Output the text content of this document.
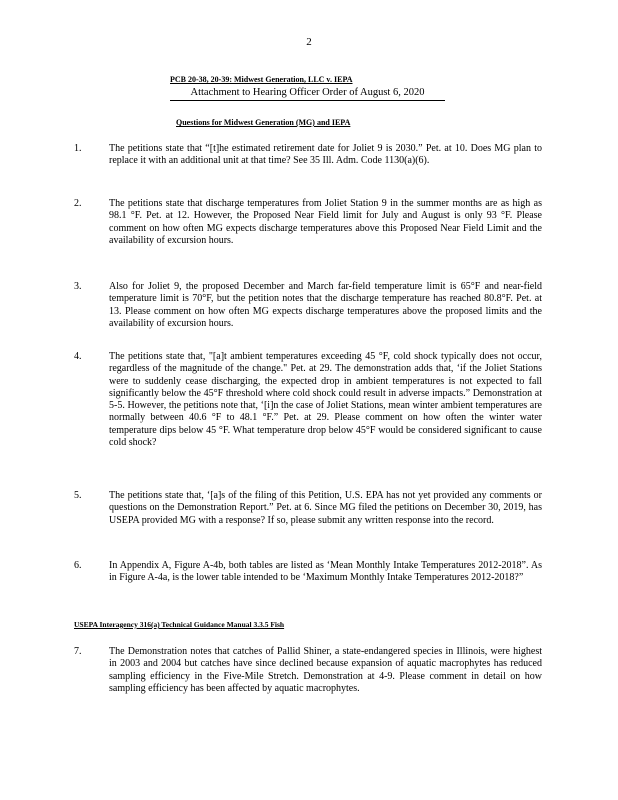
2
PCB 20-38, 20-39: Midwest Generation, LLC v. IEPA
Attachment to Hearing Officer Order of August 6, 2020
Questions for Midwest Generation (MG) and IEPA
1.	The petitions state that “[t]he estimated retirement date for Joliet 9 is 2030.” Pet. at 10. Does MG plan to replace it with an additional unit at that time? See 35 Ill. Adm. Code 1130(a)(6).
2.	The petitions state that discharge temperatures from Joliet Station 9 in the summer months are as high as 98.1 °F. Pet. at 12. However, the Proposed Near Field limit for July and August is only 93 °F. Please comment on how often MG expects discharge temperatures above this Proposed Near Field Limit and the availability of excursion hours.
3.	Also for Joliet 9, the proposed December and March far-field temperature limit is 65°F and near-field temperature limit is 70°F, but the petition notes that the discharge temperature has reached 80.8°F. Pet. at 13. Please comment on how often MG expects discharge temperatures above the proposed limits and the availability of excursion hours.
4.	The petitions state that, "[a]t ambient temperatures exceeding 45 °F, cold shock typically does not occur, regardless of the magnitude of the change." Pet. at 29. The demonstration adds that, ‘if the Joliet Stations were to suddenly cease discharging, the expected drop in ambient temperatures is not expected to fall significantly below the 45°F threshold where cold shock could result in adverse impacts.” Demonstration at 5-5. However, the petitions note that, ‘[i]n the case of Joliet Stations, mean winter ambient temperatures are normally between 40.6 °F to 48.1 °F.” Pet. at 29. Please comment on how often the winter water temperature dips below 45 °F. What temperature drop below 45°F would be considered significant to cause cold shock?
5.	The petitions state that, ‘[a]s of the filing of this Petition, U.S. EPA has not yet provided any comments or questions on the Demonstration Report.” Pet. at 6. Since MG filed the petitions on December 30, 2019, has USEPA provided MG with a response? If so, please submit any written response into the record.
6.	In Appendix A, Figure A-4b, both tables are listed as ‘Mean Monthly Intake Temperatures 2012-2018”. As in Figure A-4a, is the lower table intended to be ‘Maximum Monthly Intake Temperatures 2012-2018?”
USEPA Interagency 316(a) Technical Guidance Manual 3.3.5 Fish
7.	The Demonstration notes that catches of Pallid Shiner, a state-endangered species in Illinois, were highest in 2003 and 2004 but catches have since declined because expansion of aquatic macrophytes has reduced sampling efficiency in the Five-Mile Stretch. Demonstration at 4-9. Please comment in detail on how sampling efficiency has been affected by aquatic macrophytes.
